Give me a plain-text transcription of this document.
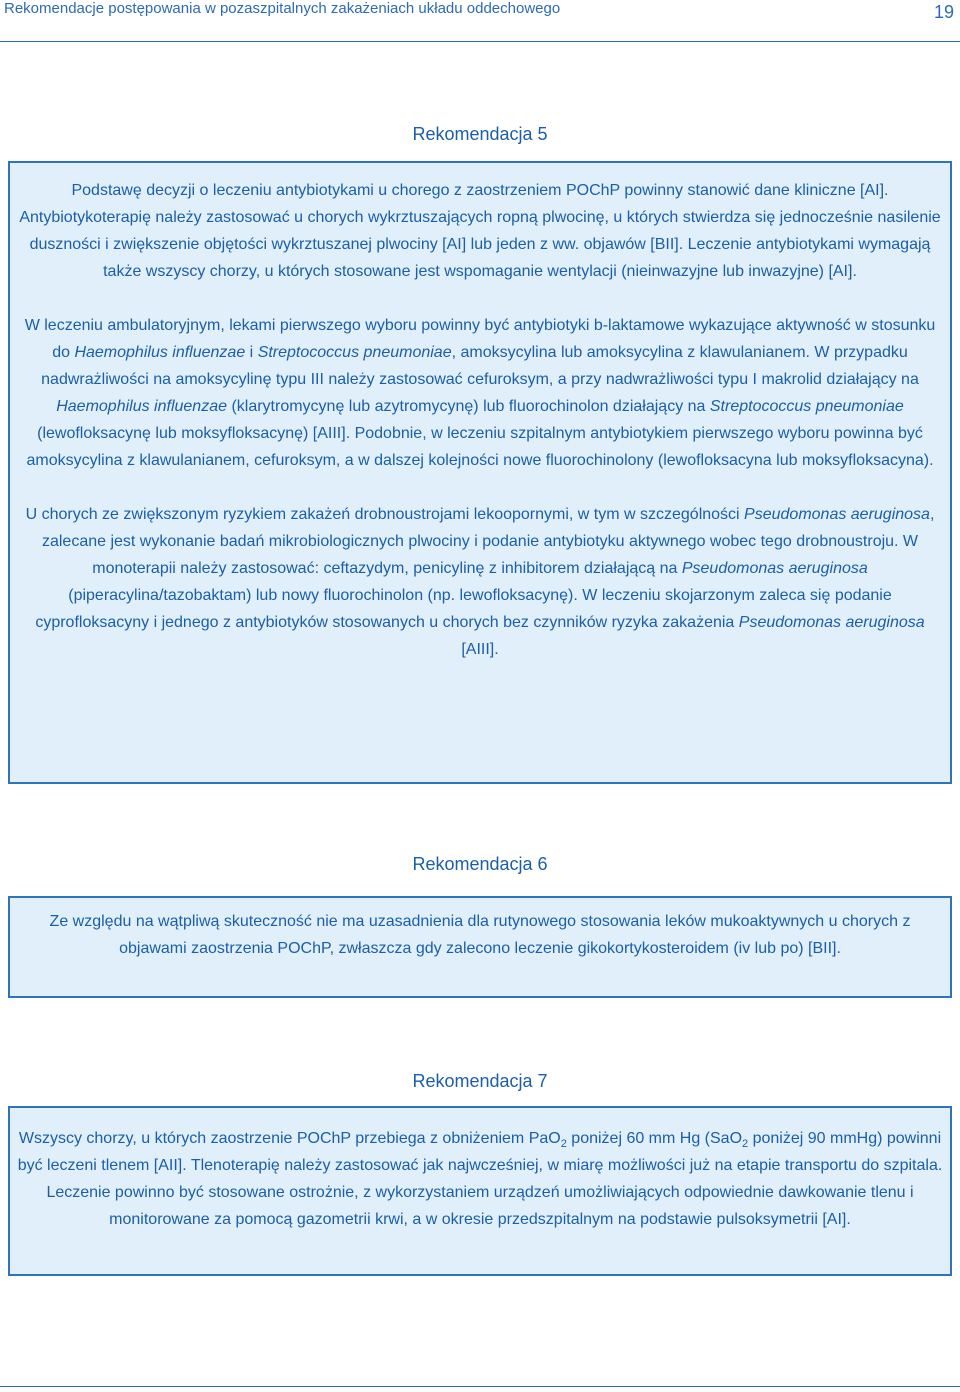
Rekomendacje postępowania w pozaszpitalnych zakażeniach układu oddechowego	19
Rekomendacja 5

Podstawę decyzji o leczeniu antybiotykami u chorego z zaostrzeniem POChP powinny stanowić dane kliniczne [AI]. Antybiotykoterapię należy zastosować u chorych wykrztuszających ropną plwocinę, u których stwierdza się jednocześnie nasilenie duszności i zwiększenie objętości wykrztuszanej plwociny [AI] lub jeden z ww. objawów [BII]. Leczenie antybiotykami wymagają także wszyscy chorzy, u których stosowane jest wspomaganie wentylacji (nieinwazyjne lub inwazyjne) [AI].

W leczeniu ambulatoryjnym, lekami pierwszego wyboru powinny być antybiotyki b-laktamowe wykazujące aktywność w stosunku do Haemophilus influenzae i Streptococcus pneumoniae, amoksycylina lub amoksycylina z klawulanianem. W przypadku nadwrażliwości na amoksycylinę typu III należy zastosować cefuroksym, a przy nadwrażliwości typu I makrolid działający na Haemophilus influenzae (klarytromycynę lub azytromycynę) lub fluorochinolon działający na Streptococcus pneumoniae (lewofloksacynę lub moksyfloksacynę) [AIII]. Podobnie, w leczeniu szpitalnym antybiotykiem pierwszego wyboru powinna być amoksycylina z klawulanianem, cefuroksym, a w dalszej kolejności nowe fluorochinolony (lewofloksacyna lub moksyfloksacyna).

U chorych ze zwiększonym ryzykiem zakażeń drobnoustrojami lekoopornymi, w tym w szczególności Pseudomonas aeruginosa, zalecane jest wykonanie badań mikrobiologicznych plwociny i podanie antybiotyku aktywnego wobec tego drobnoustroju. W monoterapii należy zastosować: ceftazydym, penicylinę z inhibitorem działającą na Pseudomonas aeruginosa (piperacylina/tazobaktam) lub nowy fluorochinolon (np. lewofloksacynę). W leczeniu skojarzonym zaleca się podanie cyprofloksacyny i jednego z antybiotyków stosowanych u chorych bez czynników ryzyka zakażenia Pseudomonas aeruginosa [AIII].

Rekomendacja 6

Ze względu na wątpliwą skuteczność nie ma uzasadnienia dla rutynowego stosowania leków mukoaktywnych u chorych z objawami zaostrzenia POChP, zwłaszcza gdy zalecono leczenie gikokortykosteroidem (iv lub po) [BII].

Rekomendacja 7

Wszyscy chorzy, u których zaostrzenie POChP przebiega z obniżeniem PaO$_2$ poniżej 60 mm Hg (SaO$_2$ poniżej 90 mmHg) powinni być leczeni tlenem [AII]. Tlenoterapię należy zastosować jak najwcześniej, w miarę możliwości już na etapie transportu do szpitala. Leczenie powinno być stosowane ostrożnie, z wykorzystaniem urządzeń umożliwiających odpowiednie dawkowanie tlenu i monitorowane za pomocą gazometrii krwi, a w okresie przedszpitalnym na podstawie pulsoksymetrii [AI].
